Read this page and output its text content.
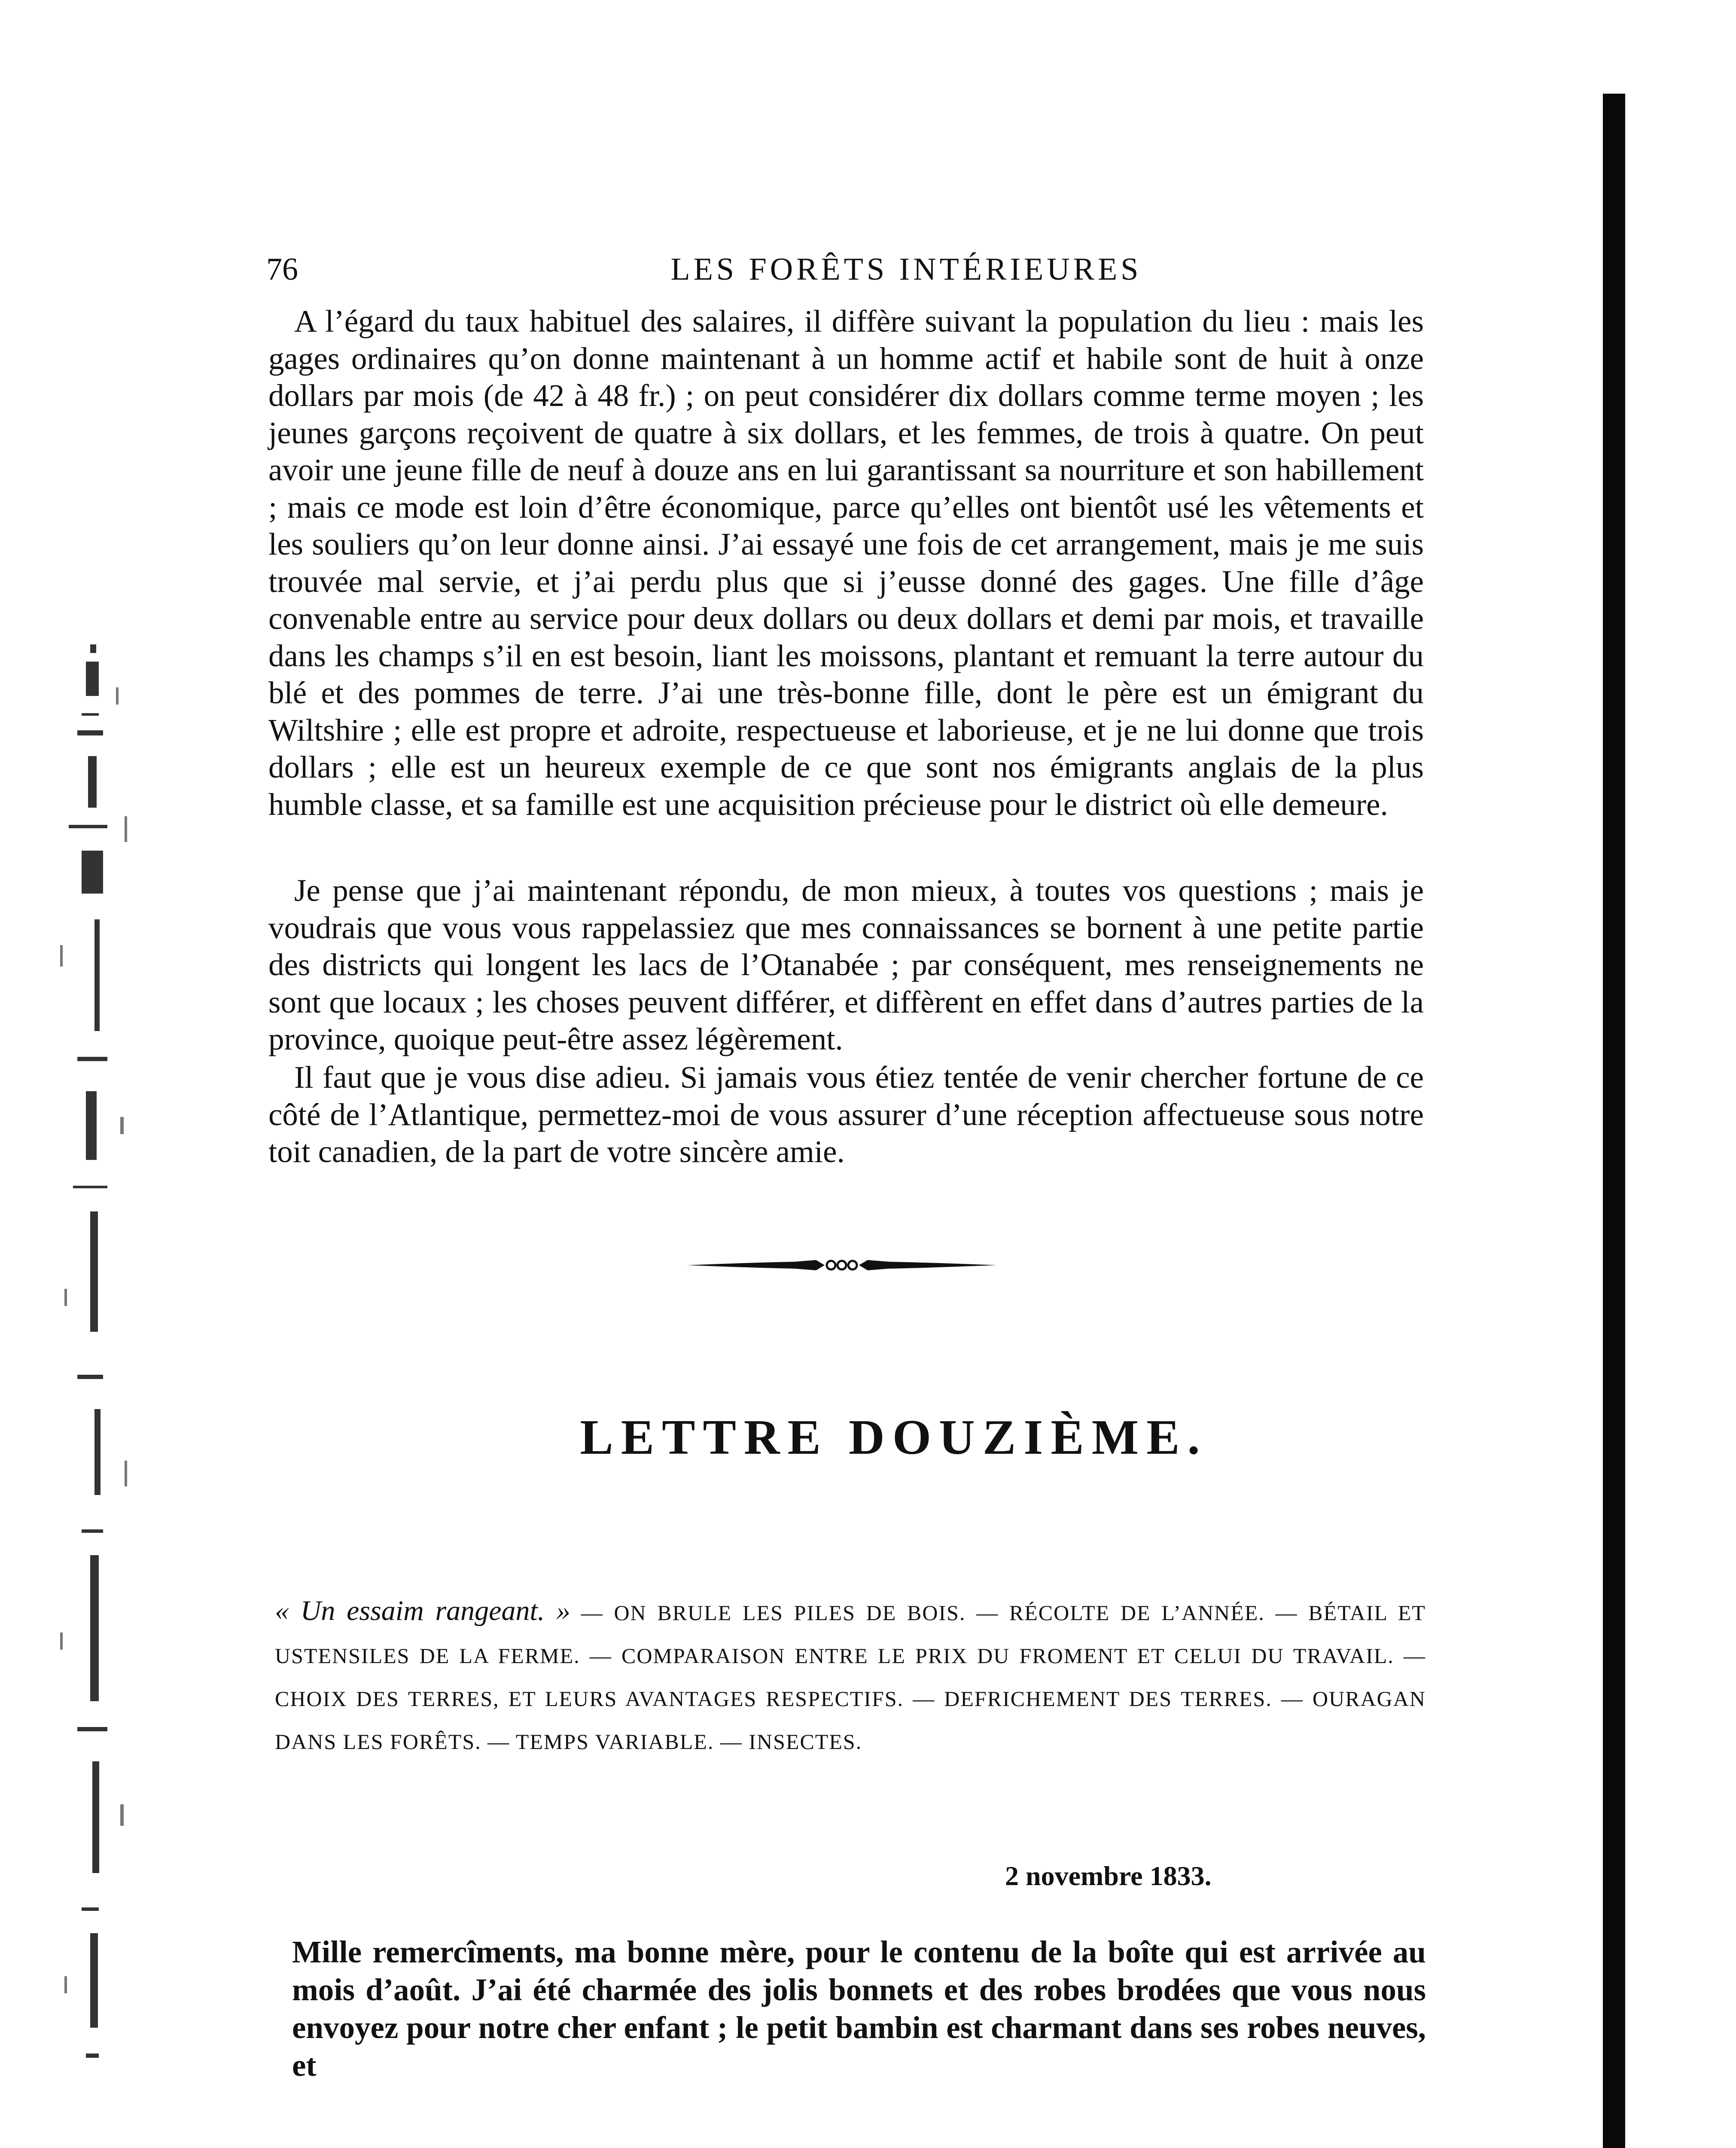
76	LES FORÊTS INTÉRIEURES

A l’égard du taux habituel des salaires, il diffère suivant la population du lieu : mais les gages ordinaires qu’on donne maintenant à un homme actif et habile sont de huit à onze dollars par mois (de 42 à 48 fr.) ; on peut considérer dix dollars comme terme moyen ; les jeunes garçons reçoivent de quatre à six dollars, et les femmes, de trois à quatre. On peut avoir une jeune fille de neuf à douze ans en lui garantissant sa nourriture et son habillement ; mais ce mode est loin d’être économique, parce qu’elles ont bientôt usé les vêtements et les souliers qu’on leur donne ainsi. J’ai essayé une fois de cet arrangement, mais je me suis trouvée mal servie, et j’ai perdu plus que si j’eusse donné des gages. Une fille d’âge convenable entre au service pour deux dollars ou deux dollars et demi par mois, et travaille dans les champs s’il en est besoin, liant les moissons, plantant et remuant la terre autour du blé et des pommes de terre. J’ai une très-bonne fille, dont le père est un émigrant du Wiltshire ; elle est propre et adroite, respectueuse et laborieuse, et je ne lui donne que trois dollars ; elle est un heureux exemple de ce que sont nos émigrants anglais de la plus humble classe, et sa famille est une acquisition précieuse pour le district où elle demeure.

Je pense que j’ai maintenant répondu, de mon mieux, à toutes vos questions ; mais je voudrais que vous vous rappelassiez que mes connaissances se bornent à une petite partie des districts qui longent les lacs de l’Otanabée ; par conséquent, mes renseignements ne sont que locaux ; les choses peuvent différer, et diffèrent en effet dans d’autres parties de la province, quoique peut-être assez légèrement.

Il faut que je vous dise adieu. Si jamais vous étiez tentée de venir chercher fortune de ce côté de l’Atlantique, permettez-moi de vous assurer d’une réception affectueuse sous notre toit canadien, de la part de votre sincère amie.

LETTRE DOUZIÈME.
« Un essaim rangeant. » — ON BRULE LES PILES DE BOIS. — RÉCOLTE DE L’ANNÉE. — BÉTAIL ET USTENSILES DE LA FERME. — COMPARAISON ENTRE LE PRIX DU FROMENT ET CELUI DU TRAVAIL. — CHOIX DES TERRES, ET LEURS AVANTAGES RESPECTIFS. — DEFRICHEMENT DES TERRES. — OURAGAN DANS LES FORÊTS. — TEMPS VARIABLE. — INSECTES.
2 novembre 1833.

Mille remercîments, ma bonne mère, pour le contenu de la boîte qui est arrivée au mois d’août. J’ai été charmée des jolis bonnets et des robes brodées que vous nous envoyez pour notre cher enfant ; le petit bambin est charmant dans ses robes neuves, et
